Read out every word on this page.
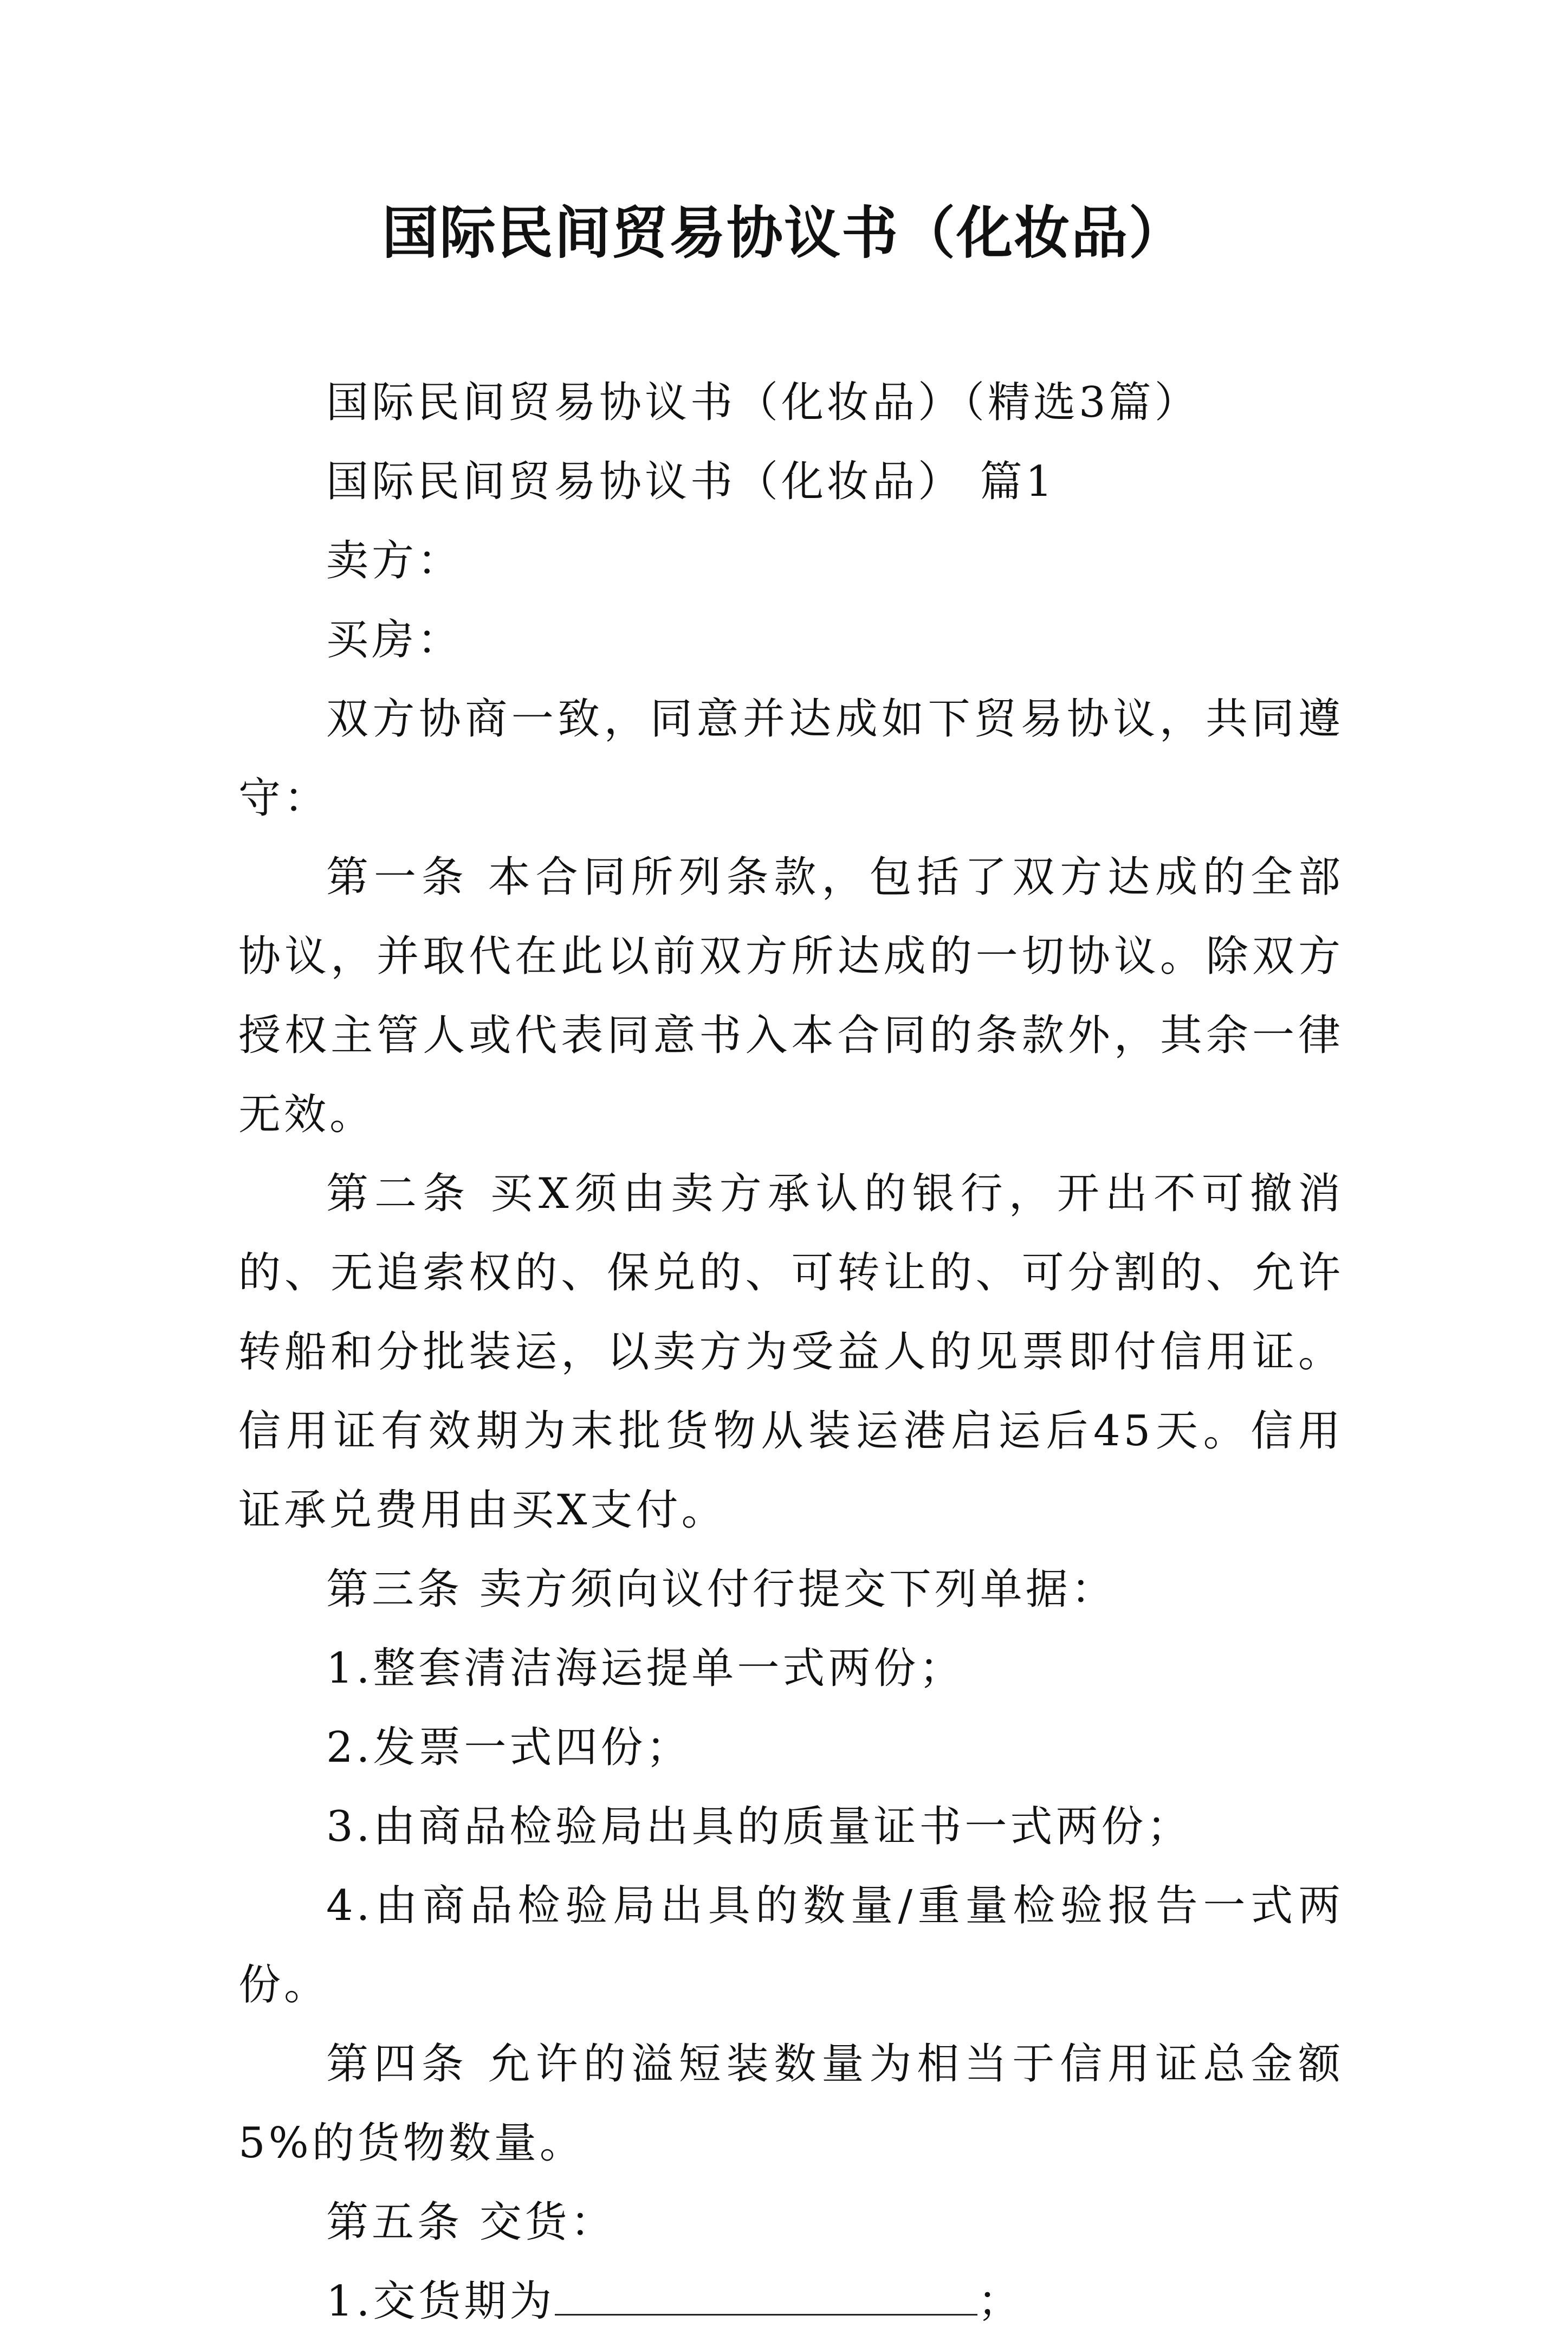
国际民间贸易协议书（化妆品）

国际民间贸易协议书（化妆品）（精选3篇）

国际民间贸易协议书（化妆品） 篇1

卖方：

买房：

双方协商一致，同意并达成如下贸易协议，共同遵守：

第一条 本合同所列条款，包括了双方达成的全部协议，并取代在此以前双方所达成的一切协议。除双方授权主管人或代表同意书入本合同的条款外，其余一律无效。

第二条 买X须由卖方承认的银行，开出不可撤消的、无追索权的、保兑的、可转让的、可分割的、允许转船和分批装运，以卖方为受益人的见票即付信用证。信用证有效期为末批货物从装运港启运后45天。信用证承兑费用由买X支付。

第三条 卖方须向议付行提交下列单据：

1.整套清洁海运提单一式两份；

2.发票一式四份；

3.由商品检验局出具的质量证书一式两份；

4.由商品检验局出具的数量/重量检验报告一式两份。

第四条 允许的溢短装数量为相当于信用证总金额5%的货物数量。

第五条 交货：

1.交货期为	；
